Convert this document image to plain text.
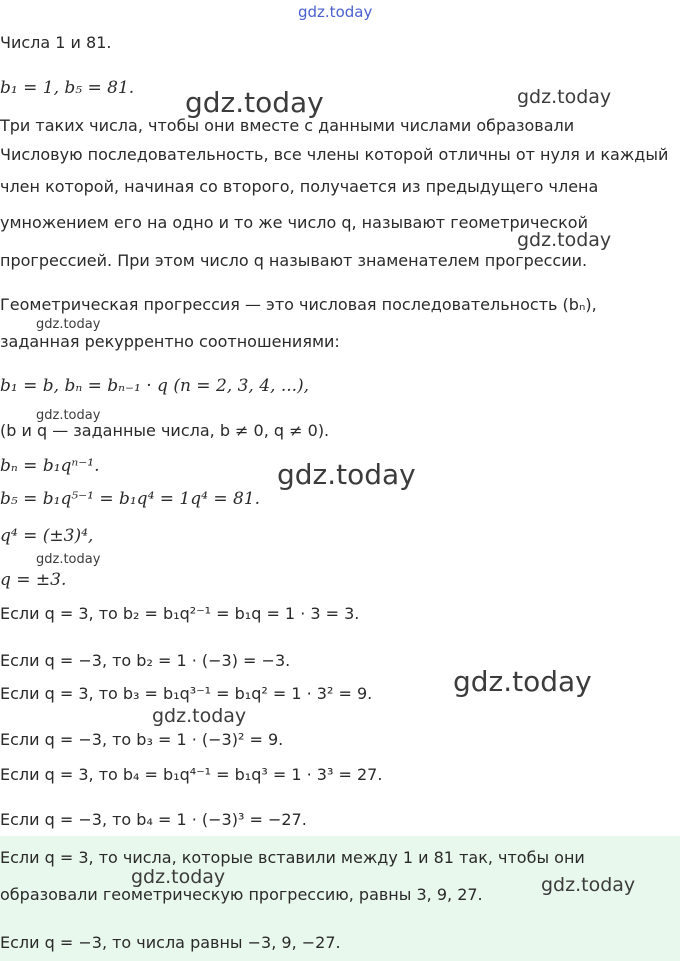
Числа 1 и 81.
b₁ = 1, b₅ = 81.
Три таких числа, чтобы они вместе с данными числами образовали
Числовую последовательность, все члены которой отличны от нуля и каждый
член которой, начиная со второго, получается из предыдущего члена
умножением его на одно и то же число q, называют геометрической
прогрессией. При этом число q называют знаменателем прогрессии.
Геометрическая прогрессия — это числовая последовательность (bₙ),
заданная рекуррентно соотношениями:
b₁ = b, bₙ = bₙ₋₁ · q (n = 2, 3, 4, ...),
(b и q — заданные числа, b ≠ 0, q ≠ 0).
bₙ = b₁qⁿ⁻¹.
b₅ = b₁q⁵⁻¹ = b₁q⁴ = 1q⁴ = 81.
q⁴ = (±3)⁴,
q = ±3.
Если q = 3, то b₂ = b₁q²⁻¹ = b₁q = 1 · 3 = 3.
Если q = −3, то b₂ = 1 · (−3) = −3.
Если q = 3, то b₃ = b₁q³⁻¹ = b₁q² = 1 · 3² = 9.
Если q = −3, то b₃ = 1 · (−3)² = 9.
Если q = 3, то b₄ = b₁q⁴⁻¹ = b₁q³ = 1 · 3³ = 27.
Если q = −3, то b₄ = 1 · (−3)³ = −27.
Если q = 3, то числа, которые вставили между 1 и 81 так, чтобы они
образовали геометрическую прогрессию, равны 3, 9, 27.
Если q = −3, то числа равны −3, 9, −27.
gdz.today
gdz.today	gdz.today
gdz.today
gdz.today
gdz.today
gdz.today
gdz.today
gdz.today
gdz.today
gdz.today	gdz.today
